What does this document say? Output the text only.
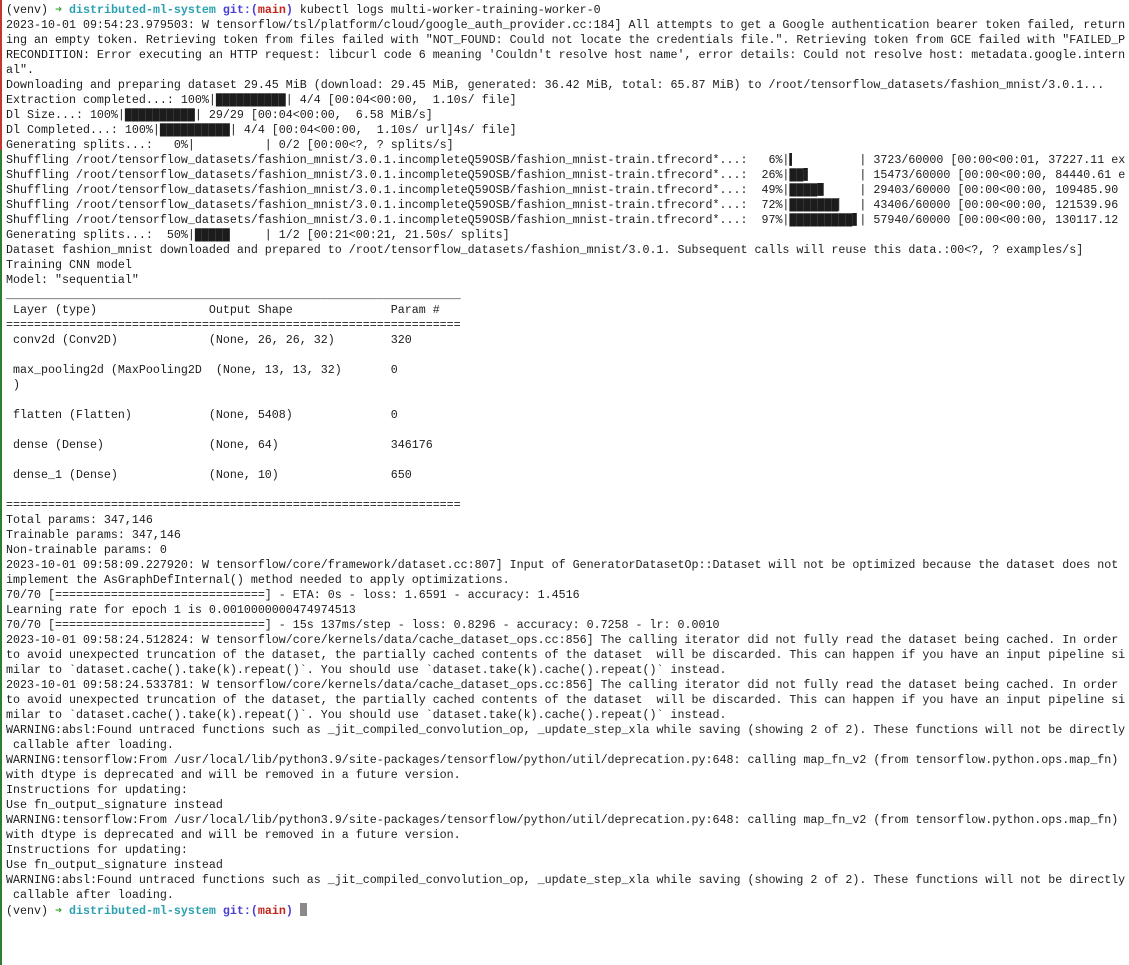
(venv) ➜ distributed-ml-system git:(main) kubectl logs multi-worker-training-worker-0
2023-10-01 09:54:23.979503: W tensorflow/tsl/platform/cloud/google_auth_provider.cc:184] All attempts to get a Google authentication bearer token failed, return
ing an empty token. Retrieving token from files failed with "NOT_FOUND: Could not locate the credentials file.". Retrieving token from GCE failed with "FAILED_P
RECONDITION: Error executing an HTTP request: libcurl code 6 meaning 'Couldn't resolve host name', error details: Could not resolve host: metadata.google.intern
al".
Downloading and preparing dataset 29.45 MiB (download: 29.45 MiB, generated: 36.42 MiB, total: 65.87 MiB) to /root/tensorflow_datasets/fashion_mnist/3.0.1...
Extraction completed...: 100%|██████████| 4/4 [00:04<00:00,  1.10s/ file]
Dl Size...: 100%|██████████| 29/29 [00:04<00:00,  6.58 MiB/s]
Dl Completed...: 100%|██████████| 4/4 [00:04<00:00,  1.10s/ url]4s/ file]
Generating splits...:   0%|          | 0/2 [00:00<?, ? splits/s]
Shuffling /root/tensorflow_datasets/fashion_mnist/3.0.1.incompleteQ59OSB/fashion_mnist-train.tfrecord*...:   6%|▍         | 3723/60000 [00:00<00:01, 37227.11 ex
Shuffling /root/tensorflow_datasets/fashion_mnist/3.0.1.incompleteQ59OSB/fashion_mnist-train.tfrecord*...:  26%|██▋       | 15473/60000 [00:00<00:00, 84440.61 e
Shuffling /root/tensorflow_datasets/fashion_mnist/3.0.1.incompleteQ59OSB/fashion_mnist-train.tfrecord*...:  49%|████▉     | 29403/60000 [00:00<00:00, 109485.90
Shuffling /root/tensorflow_datasets/fashion_mnist/3.0.1.incompleteQ59OSB/fashion_mnist-train.tfrecord*...:  72%|███████▏  | 43406/60000 [00:00<00:00, 121539.96
Shuffling /root/tensorflow_datasets/fashion_mnist/3.0.1.incompleteQ59OSB/fashion_mnist-train.tfrecord*...:  97%|█████████▋| 57940/60000 [00:00<00:00, 130117.12
Generating splits...:  50%|█████     | 1/2 [00:21<00:21, 21.50s/ splits]
Dataset fashion_mnist downloaded and prepared to /root/tensorflow_datasets/fashion_mnist/3.0.1. Subsequent calls will reuse this data.:00<?, ? examples/s]
Training CNN model
Model: "sequential"
_________________________________________________________________
Layer (type)                Output Shape              Param #
=================================================================
conv2d (Conv2D)             (None, 26, 26, 32)        320
max_pooling2d (MaxPooling2D  (None, 13, 13, 32)       0
)
flatten (Flatten)           (None, 5408)              0
dense (Dense)               (None, 64)                346176
dense_1 (Dense)             (None, 10)                650
=================================================================
Total params: 347,146
Trainable params: 347,146
Non-trainable params: 0
2023-10-01 09:58:09.227920: W tensorflow/core/framework/dataset.cc:807] Input of GeneratorDatasetOp::Dataset will not be optimized because the dataset does not
implement the AsGraphDefInternal() method needed to apply optimizations.
70/70 [==============================] - ETA: 0s - loss: 1.6591 - accuracy: 1.4516
Learning rate for epoch 1 is 0.0010000000474974513
70/70 [==============================] - 15s 137ms/step - loss: 0.8296 - accuracy: 0.7258 - lr: 0.0010
2023-10-01 09:58:24.512824: W tensorflow/core/kernels/data/cache_dataset_ops.cc:856] The calling iterator did not fully read the dataset being cached. In order
to avoid unexpected truncation of the dataset, the partially cached contents of the dataset  will be discarded. This can happen if you have an input pipeline si
milar to `dataset.cache().take(k).repeat()`. You should use `dataset.take(k).cache().repeat()` instead.
2023-10-01 09:58:24.533781: W tensorflow/core/kernels/data/cache_dataset_ops.cc:856] The calling iterator did not fully read the dataset being cached. In order
to avoid unexpected truncation of the dataset, the partially cached contents of the dataset  will be discarded. This can happen if you have an input pipeline si
milar to `dataset.cache().take(k).repeat()`. You should use `dataset.take(k).cache().repeat()` instead.
WARNING:absl:Found untraced functions such as _jit_compiled_convolution_op, _update_step_xla while saving (showing 2 of 2). These functions will not be directly
callable after loading.
WARNING:tensorflow:From /usr/local/lib/python3.9/site-packages/tensorflow/python/util/deprecation.py:648: calling map_fn_v2 (from tensorflow.python.ops.map_fn)
with dtype is deprecated and will be removed in a future version.
Instructions for updating:
Use fn_output_signature instead
WARNING:tensorflow:From /usr/local/lib/python3.9/site-packages/tensorflow/python/util/deprecation.py:648: calling map_fn_v2 (from tensorflow.python.ops.map_fn)
with dtype is deprecated and will be removed in a future version.
Instructions for updating:
Use fn_output_signature instead
WARNING:absl:Found untraced functions such as _jit_compiled_convolution_op, _update_step_xla while saving (showing 2 of 2). These functions will not be directly
callable after loading.
(venv) ➜ distributed-ml-system git:(main)
